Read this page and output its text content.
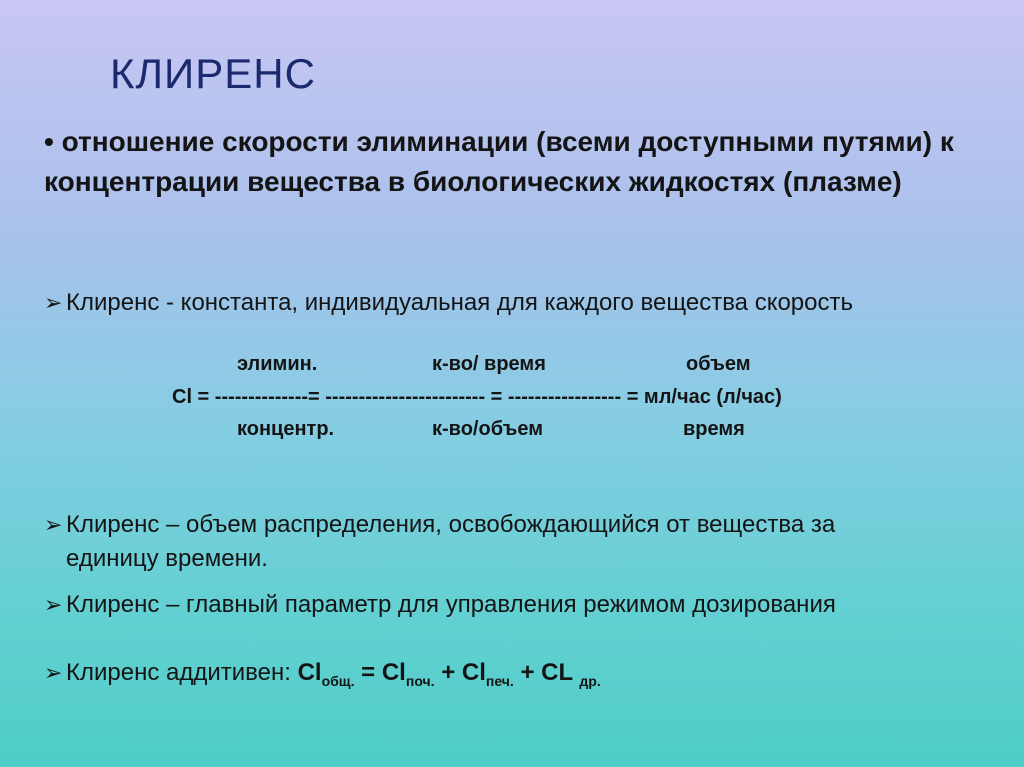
КЛИРЕНС
• отношение скорости элиминации (всеми доступными путями) к концентрации вещества в биологических жидкостях (плазме)
➢ Клиренс - константа, индивидуальная для каждого вещества скорость
элимин.	к-во/ время	объем
Cl = --------------= ------------------------ = ----------------- = мл/час (л/час)
концентр.	к-во/объем	время
➢ Клиренс – объем распределения, освобождающийся от вещества за
единицу времени.
➢ Клиренс – главный параметр для управления режимом дозирования
➢ Клиренс аддитивен: $Cl_{общ.} = Cl_{поч.} + Cl_{печ.}$ + CL $_{др.}$
